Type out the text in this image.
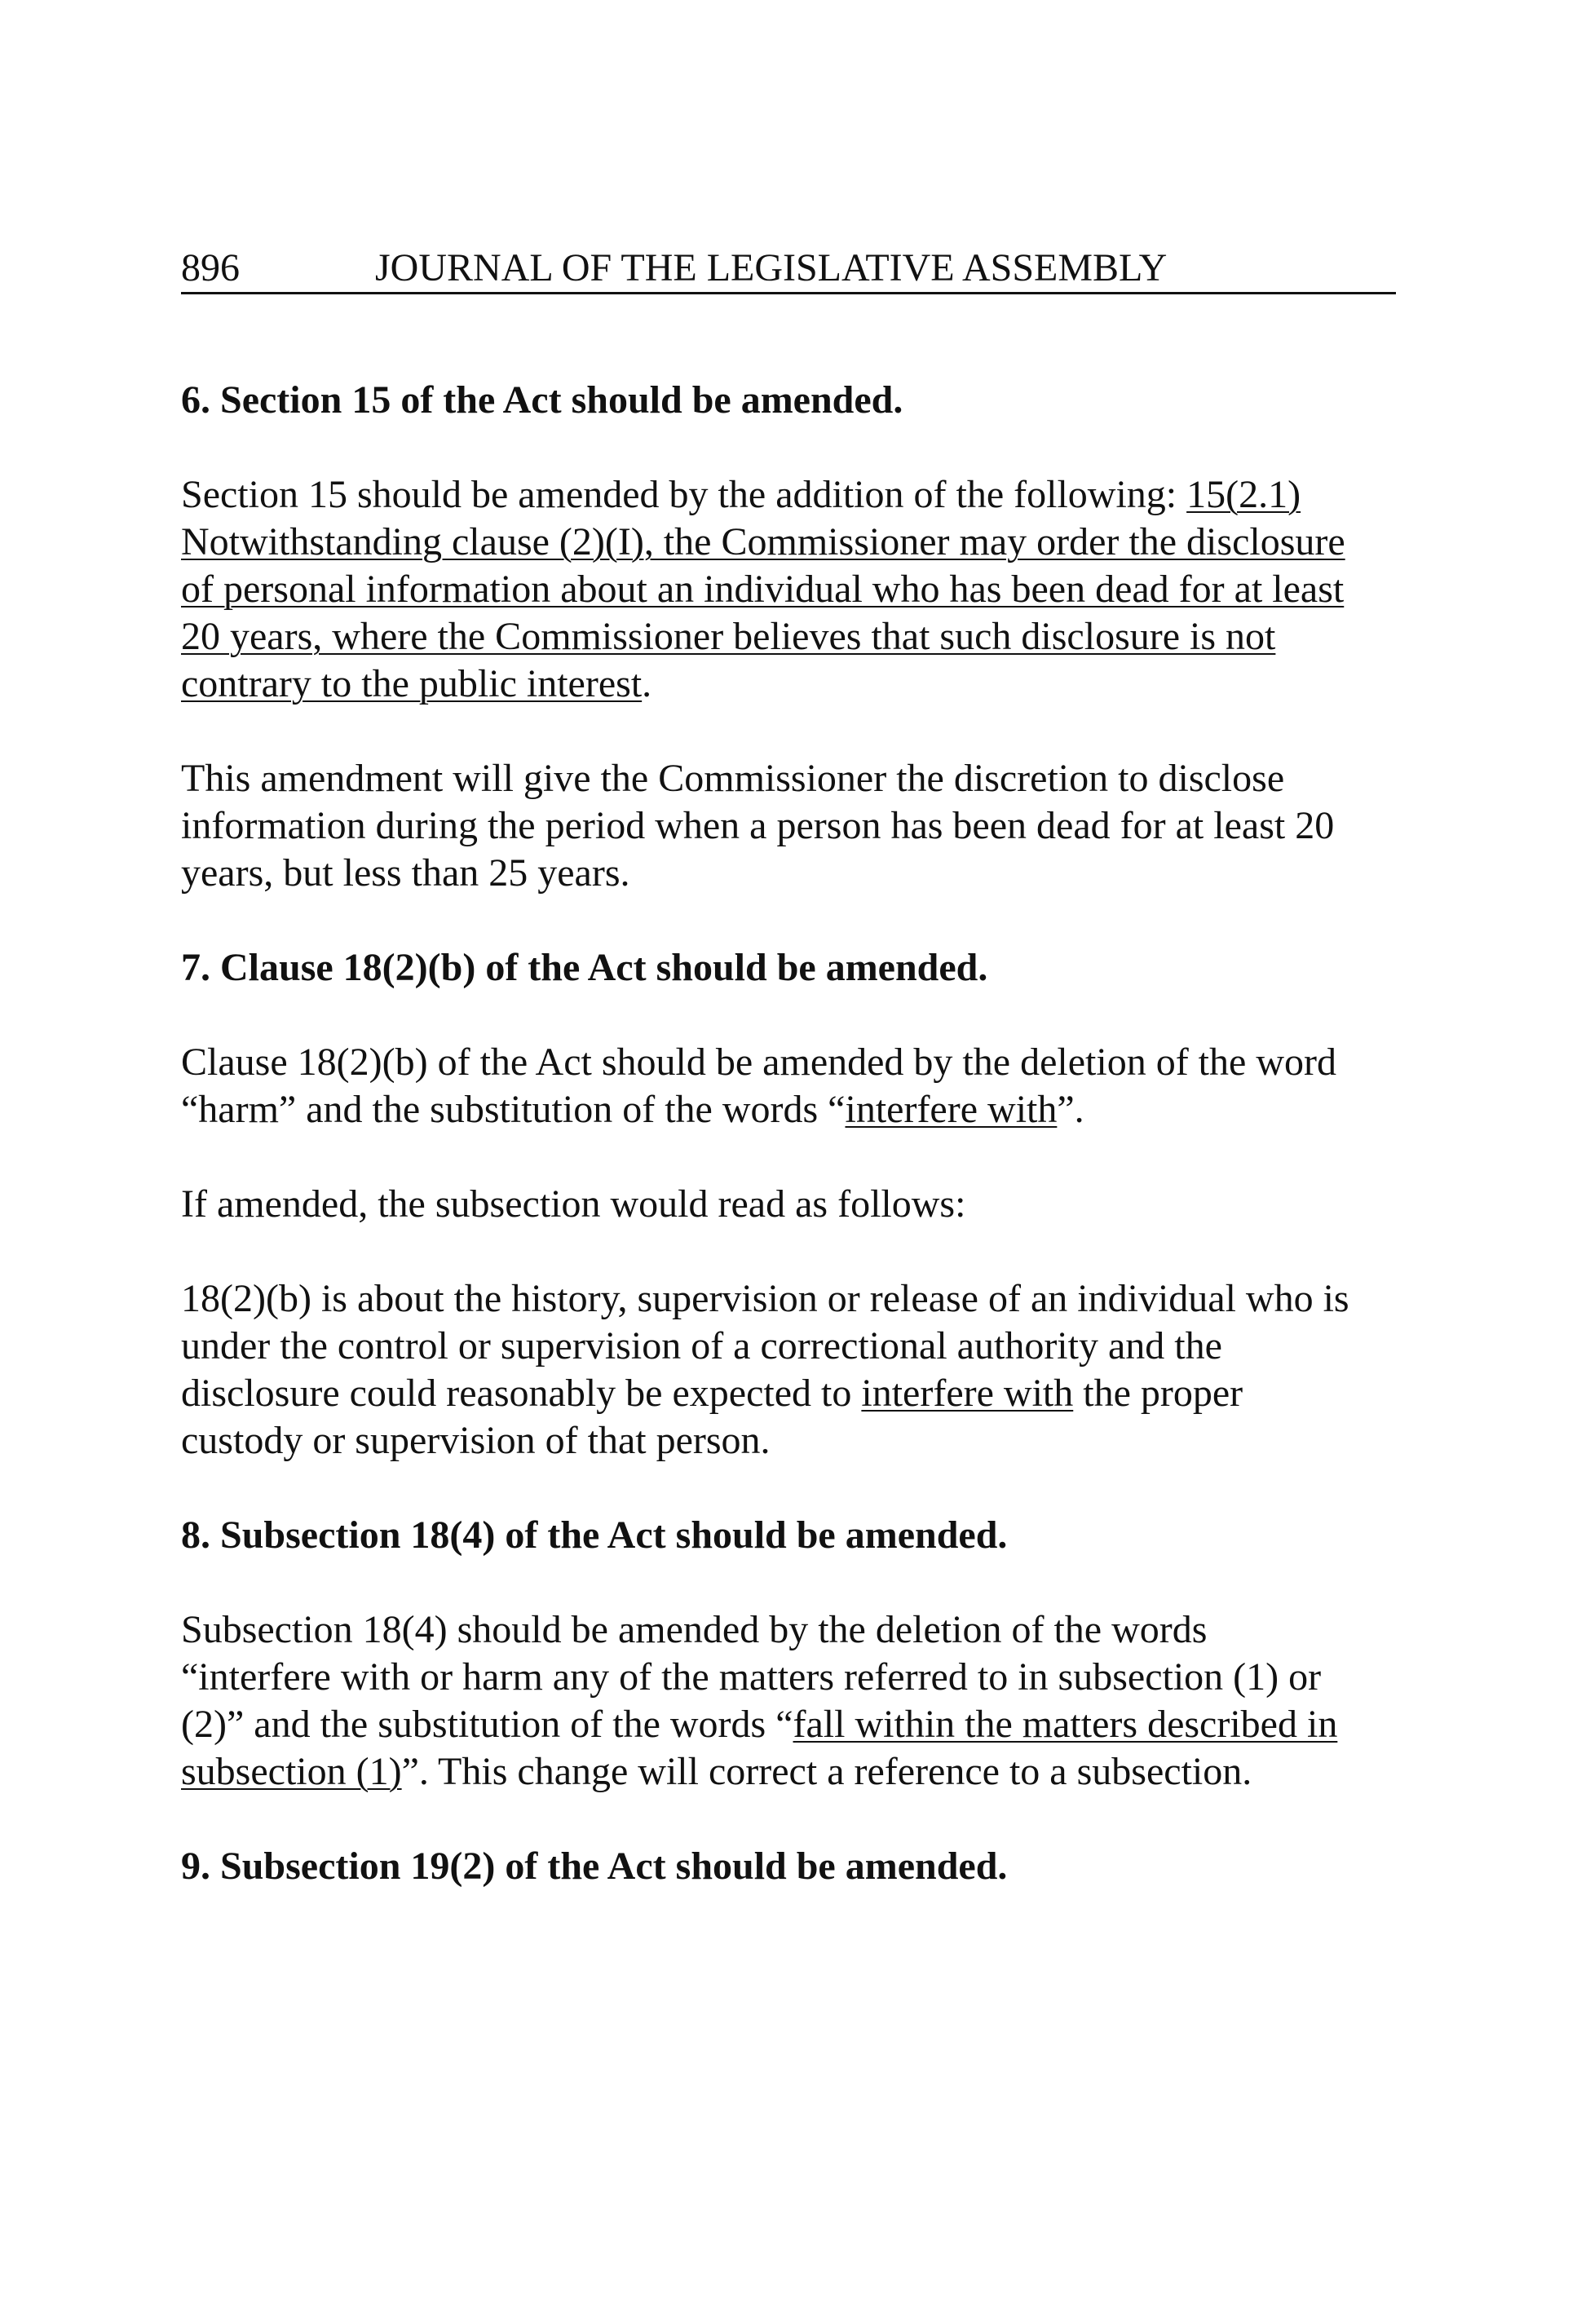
896	JOURNAL OF THE LEGISLATIVE ASSEMBLY

6. Section 15 of the Act should be amended.

Section 15 should be amended by the addition of the following: 15(2.1)
Notwithstanding clause (2)(I), the Commissioner may order the disclosure
of personal information about an individual who has been dead for at least
20 years, where the Commissioner believes that such disclosure is not
contrary to the public interest.

This amendment will give the Commissioner the discretion to disclose
information during the period when a person has been dead for at least 20
years, but less than 25 years.

7. Clause 18(2)(b) of the Act should be amended.

Clause 18(2)(b) of the Act should be amended by the deletion of the word
“harm” and the substitution of the words “interfere with”.

If amended, the subsection would read as follows:

18(2)(b) is about the history, supervision or release of an individual who is
under the control or supervision of a correctional authority and the
disclosure could reasonably be expected to interfere with the proper
custody or supervision of that person.

8. Subsection 18(4) of the Act should be amended.

Subsection 18(4) should be amended by the deletion of the words
“interfere with or harm any of the matters referred to in subsection (1) or
(2)” and the substitution of the words “fall within the matters described in
subsection (1)”. This change will correct a reference to a subsection.

9. Subsection 19(2) of the Act should be amended.
